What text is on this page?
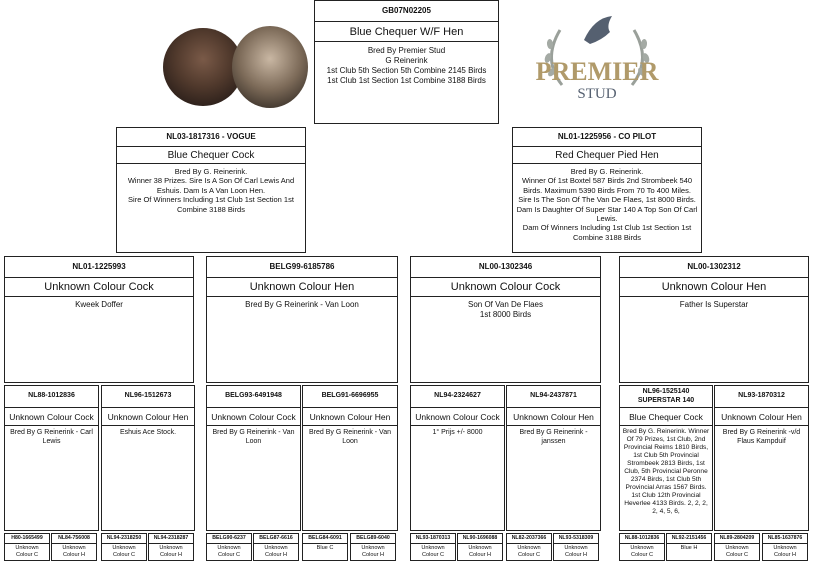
PREMIER
STUD
GB07N02205
Blue Chequer W/F Hen
Bred By Premier Stud
G Reinerink
1st Club 5th Section 5th Combine 2145 Birds
1st Club 1st Section 1st Combine 3188 Birds
NL03-1817316 - VOGUE
Blue Chequer Cock
Bred By G. Reinerink.
Winner 38 Prizes. Sire Is A Son Of Carl Lewis And Eshuis. Dam Is A Van Loon Hen.
Sire Of Winners Including 1st Club 1st Section 1st Combine 3188 Birds
NL01-1225956 - CO PILOT
Red Chequer Pied Hen
Bred By G. Reinerink.
Winner Of 1st Boxtel 587 Birds 2nd Strombeek 540 Birds. Maximum 5390 Birds From 70 To 400 Miles. Sire Is The Son Of The Van De Flaes, 1st 8000 Birds. Dam Is Daughter Of Super Star 140 A Top Son Of Carl Lewis.
Dam Of Winners Including 1st Club 1st Section 1st Combine 3188 Birds
NL01-1225993
Unknown Colour Cock
Kweek Doffer
BELG99-6185786
Unknown Colour Hen
Bred By G Reinerink - Van Loon
NL00-1302346
Unknown Colour Cock
Son Of Van De Flaes
1st 8000 Birds
NL00-1302312
Unknown Colour Hen
Father Is Superstar
NL88-1012836
Unknown Colour Cock
Bred By G Reinerink - Carl Lewis
NL96-1512673
Unknown Colour Hen
Eshuis Ace Stock.
BELG93-6491948
Unknown Colour Cock
Bred By G Reinerink - Van Loon
BELG91-6696955
Unknown Colour Hen
Bred By G Reinerink - Van Loon
NL94-2324627
Unknown Colour Cock
1° Prijs +/- 8000
NL94-2437871
Unknown Colour Hen
Bred By G Reinerink -janssen
NL96-1525140
SUPERSTAR 140
Blue Chequer Cock
Bred By G. Reinerink. Winner Of 79 Prizes, 1st Club, 2nd Provincial Reims 1810 Birds, 1st Club 5th Provincial Strombeek 2813 Birds, 1st Club, 5th Provincial Peronne 2374 Birds, 1st Club 5th Provincial Arras 1567 Birds. 1st Club 12th Provincial Heverlee 4133 Birds. 2, 2, 2, 2, 4, 5, 6,
NL93-1870312
Unknown Colour Hen
Bred By G Reinerink -v/d Flaus Kampduif
H80-1665499
Unknown
Colour C
NL84-756008
Unknown
Colour H
NL94-2318250
Unknown
Colour C
NL94-2318287
Unknown
Colour H
BELG90-6237
Unknown
Colour C
BELG87-6616
Unknown
Colour H
BELG84-6091
Blue C
BELG89-6040
Unknown
Colour H
NL93-1870313
Unknown
Colour C
NL90-1696088
Unknown
Colour H
NL82-2037366
Unknown
Colour C
NL93-5318309
Unknown
Colour H
NL88-1012836
Unknown
Colour C
NL92-2151456
Blue H
NL89-2804209
Unknown
Colour C
NL85-1637876
Unknown
Colour H
